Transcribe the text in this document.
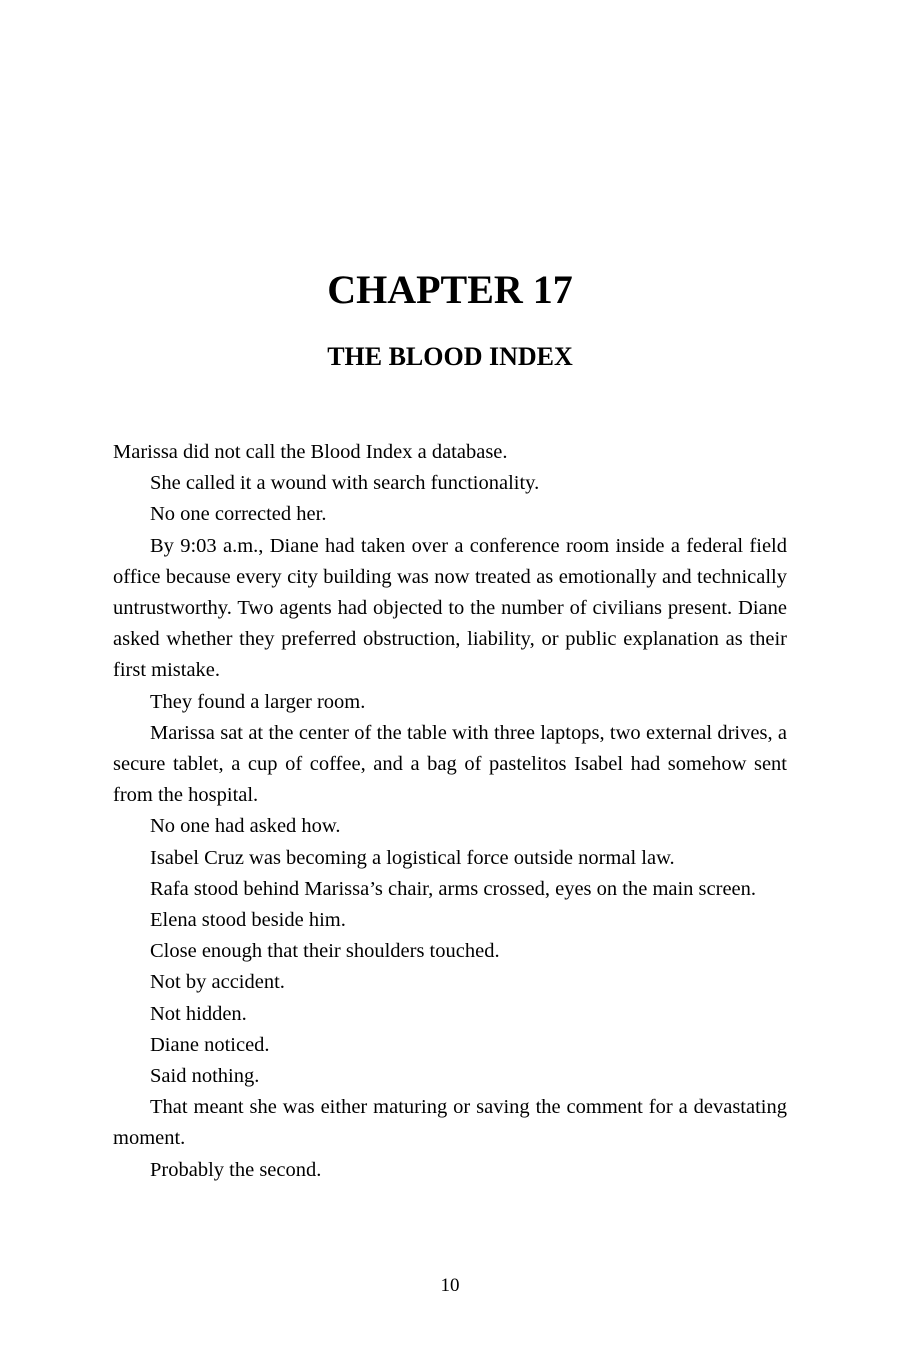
CHAPTER 17
THE BLOOD INDEX

Marissa did not call the Blood Index a database.

She called it a wound with search functionality.

No one corrected her.

By 9:03 a.m., Diane had taken over a conference room inside a federal field office because every city building was now treated as emotionally and technically untrustworthy. Two agents had objected to the number of civilians present. Diane asked whether they preferred obstruction, liability, or public explanation as their first mistake.

They found a larger room.

Marissa sat at the center of the table with three laptops, two external drives, a secure tablet, a cup of coffee, and a bag of pastelitos Isabel had somehow sent from the hospital.

No one had asked how.

Isabel Cruz was becoming a logistical force outside normal law.

Rafa stood behind Marissa’s chair, arms crossed, eyes on the main screen.

Elena stood beside him.

Close enough that their shoulders touched.

Not by accident.

Not hidden.

Diane noticed.

Said nothing.

That meant she was either maturing or saving the comment for a devastating moment.

Probably the second.

10
